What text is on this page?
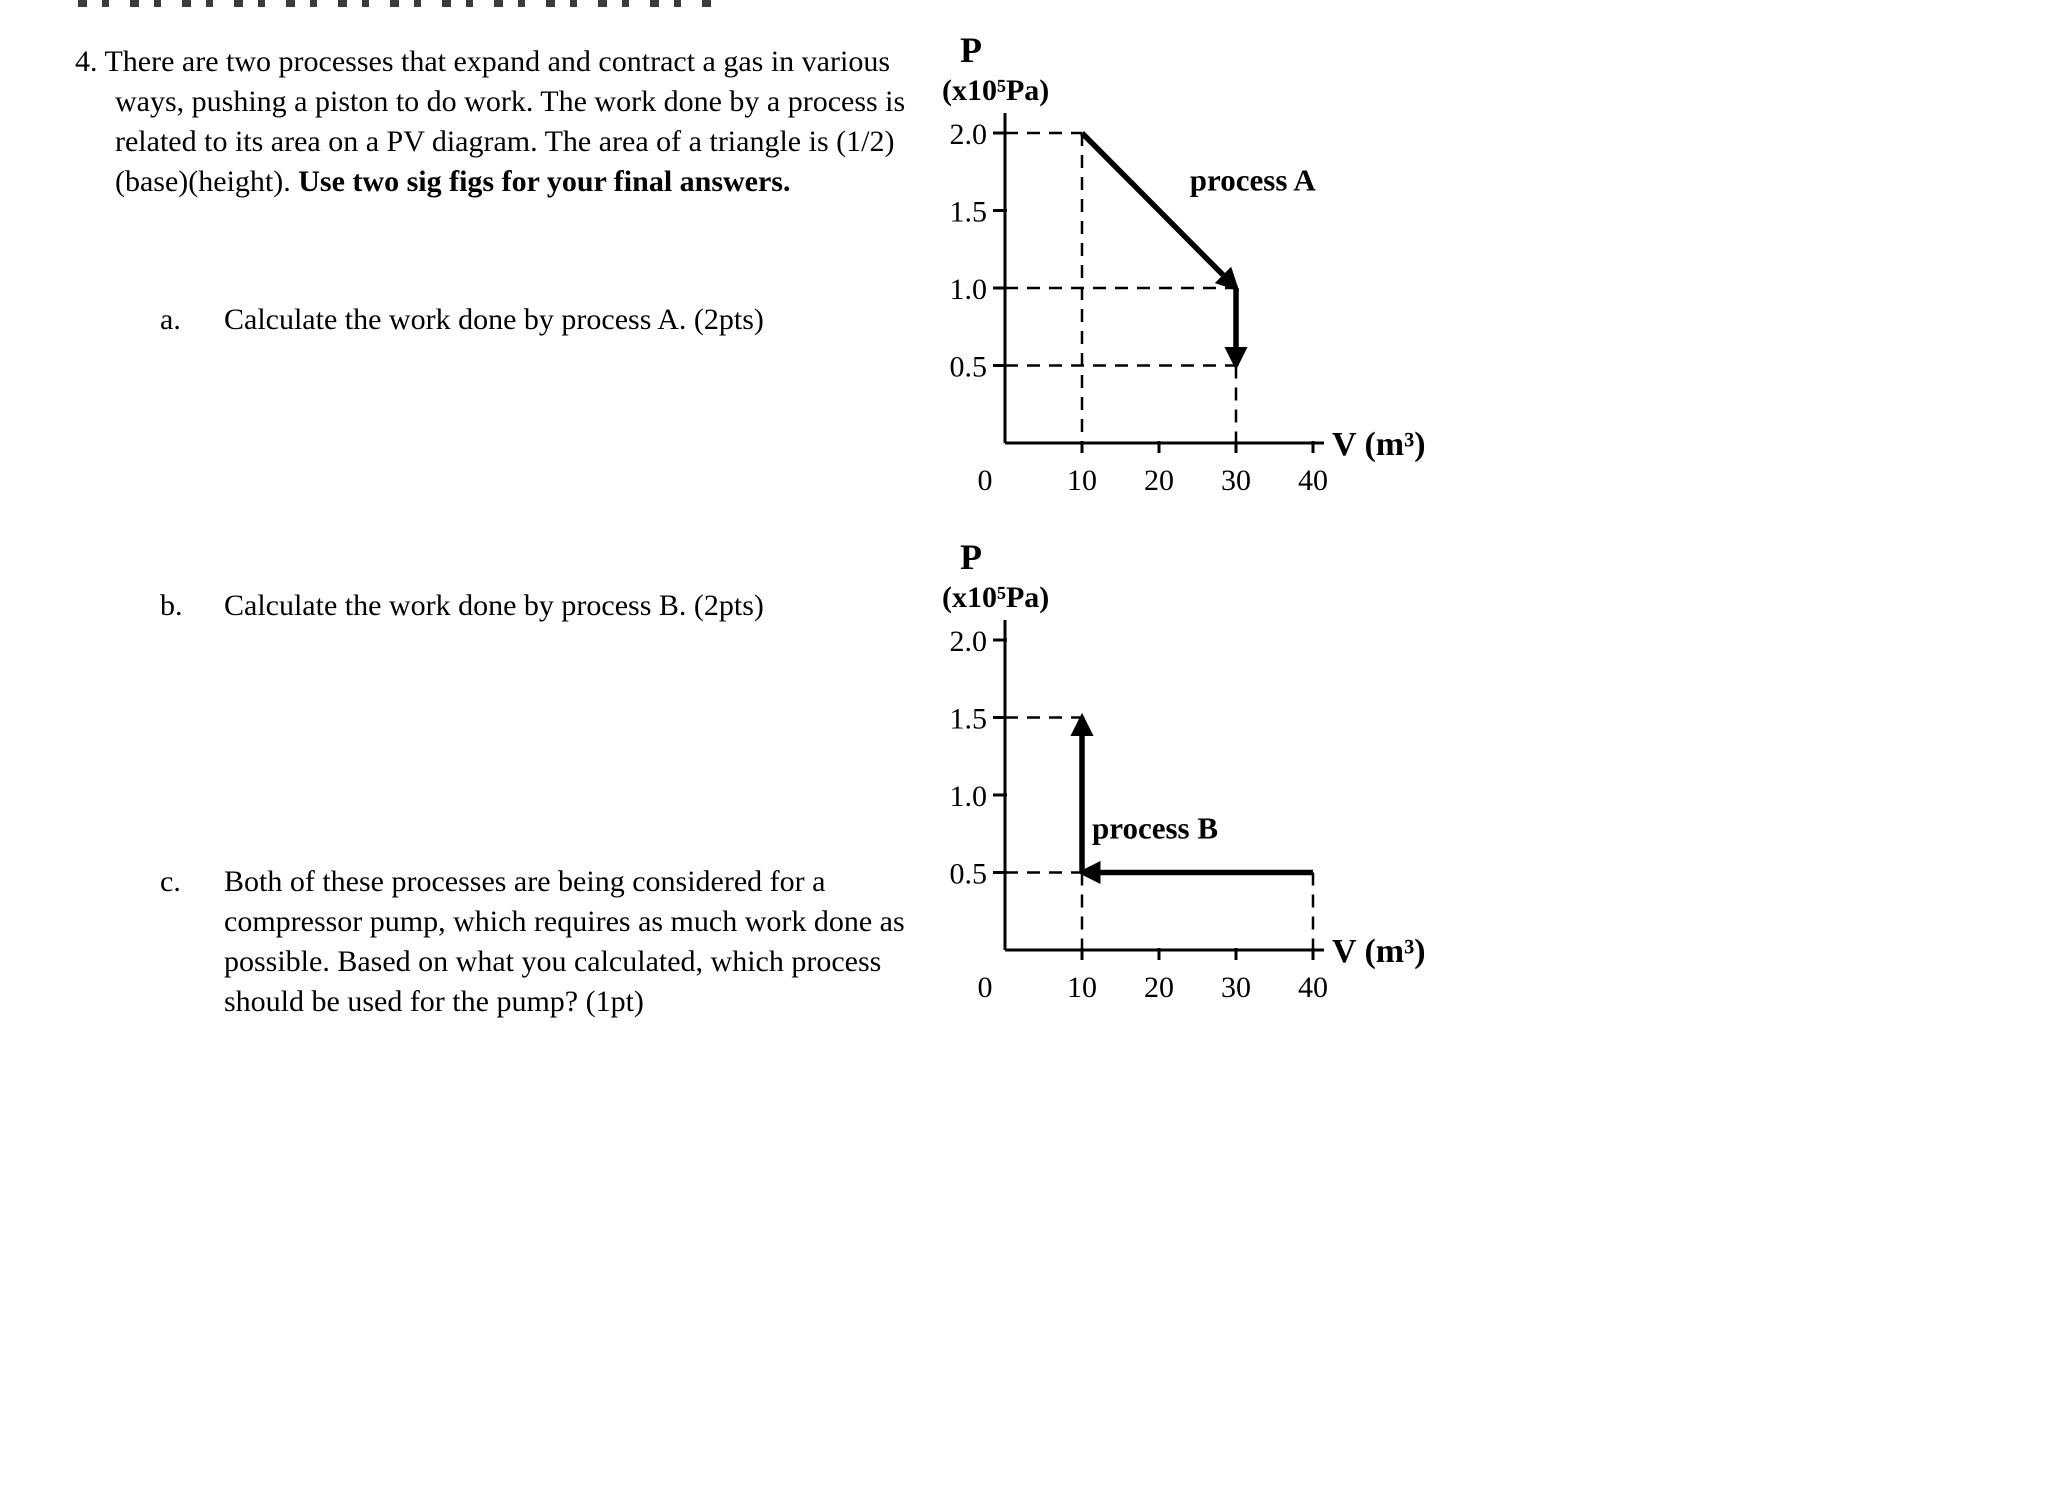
4. There are two processes that expand and contract a gas in various ways, pushing a piston to do work. The work done by a process is related to its area on a PV diagram. The area of a triangle is (1/2)(base)(height). Use two sig figs for your final answers.

a.	Calculate the work done by process A. (2pts)
b.	Calculate the work done by process B. (2pts)
c.	Both of these processes are being considered for a compressor pump, which requires as much work done as possible. Based on what you calculated, which process should be used for the pump? (1pt)
2.0
1.5
1.0
0.5
0 10 20 30 40
P
(x10⁵Pa)
V (m³)
process A
2.0
1.5
1.0
0.5
0 10 20 30 40
P
(x10⁵Pa)
V (m³)
process B
